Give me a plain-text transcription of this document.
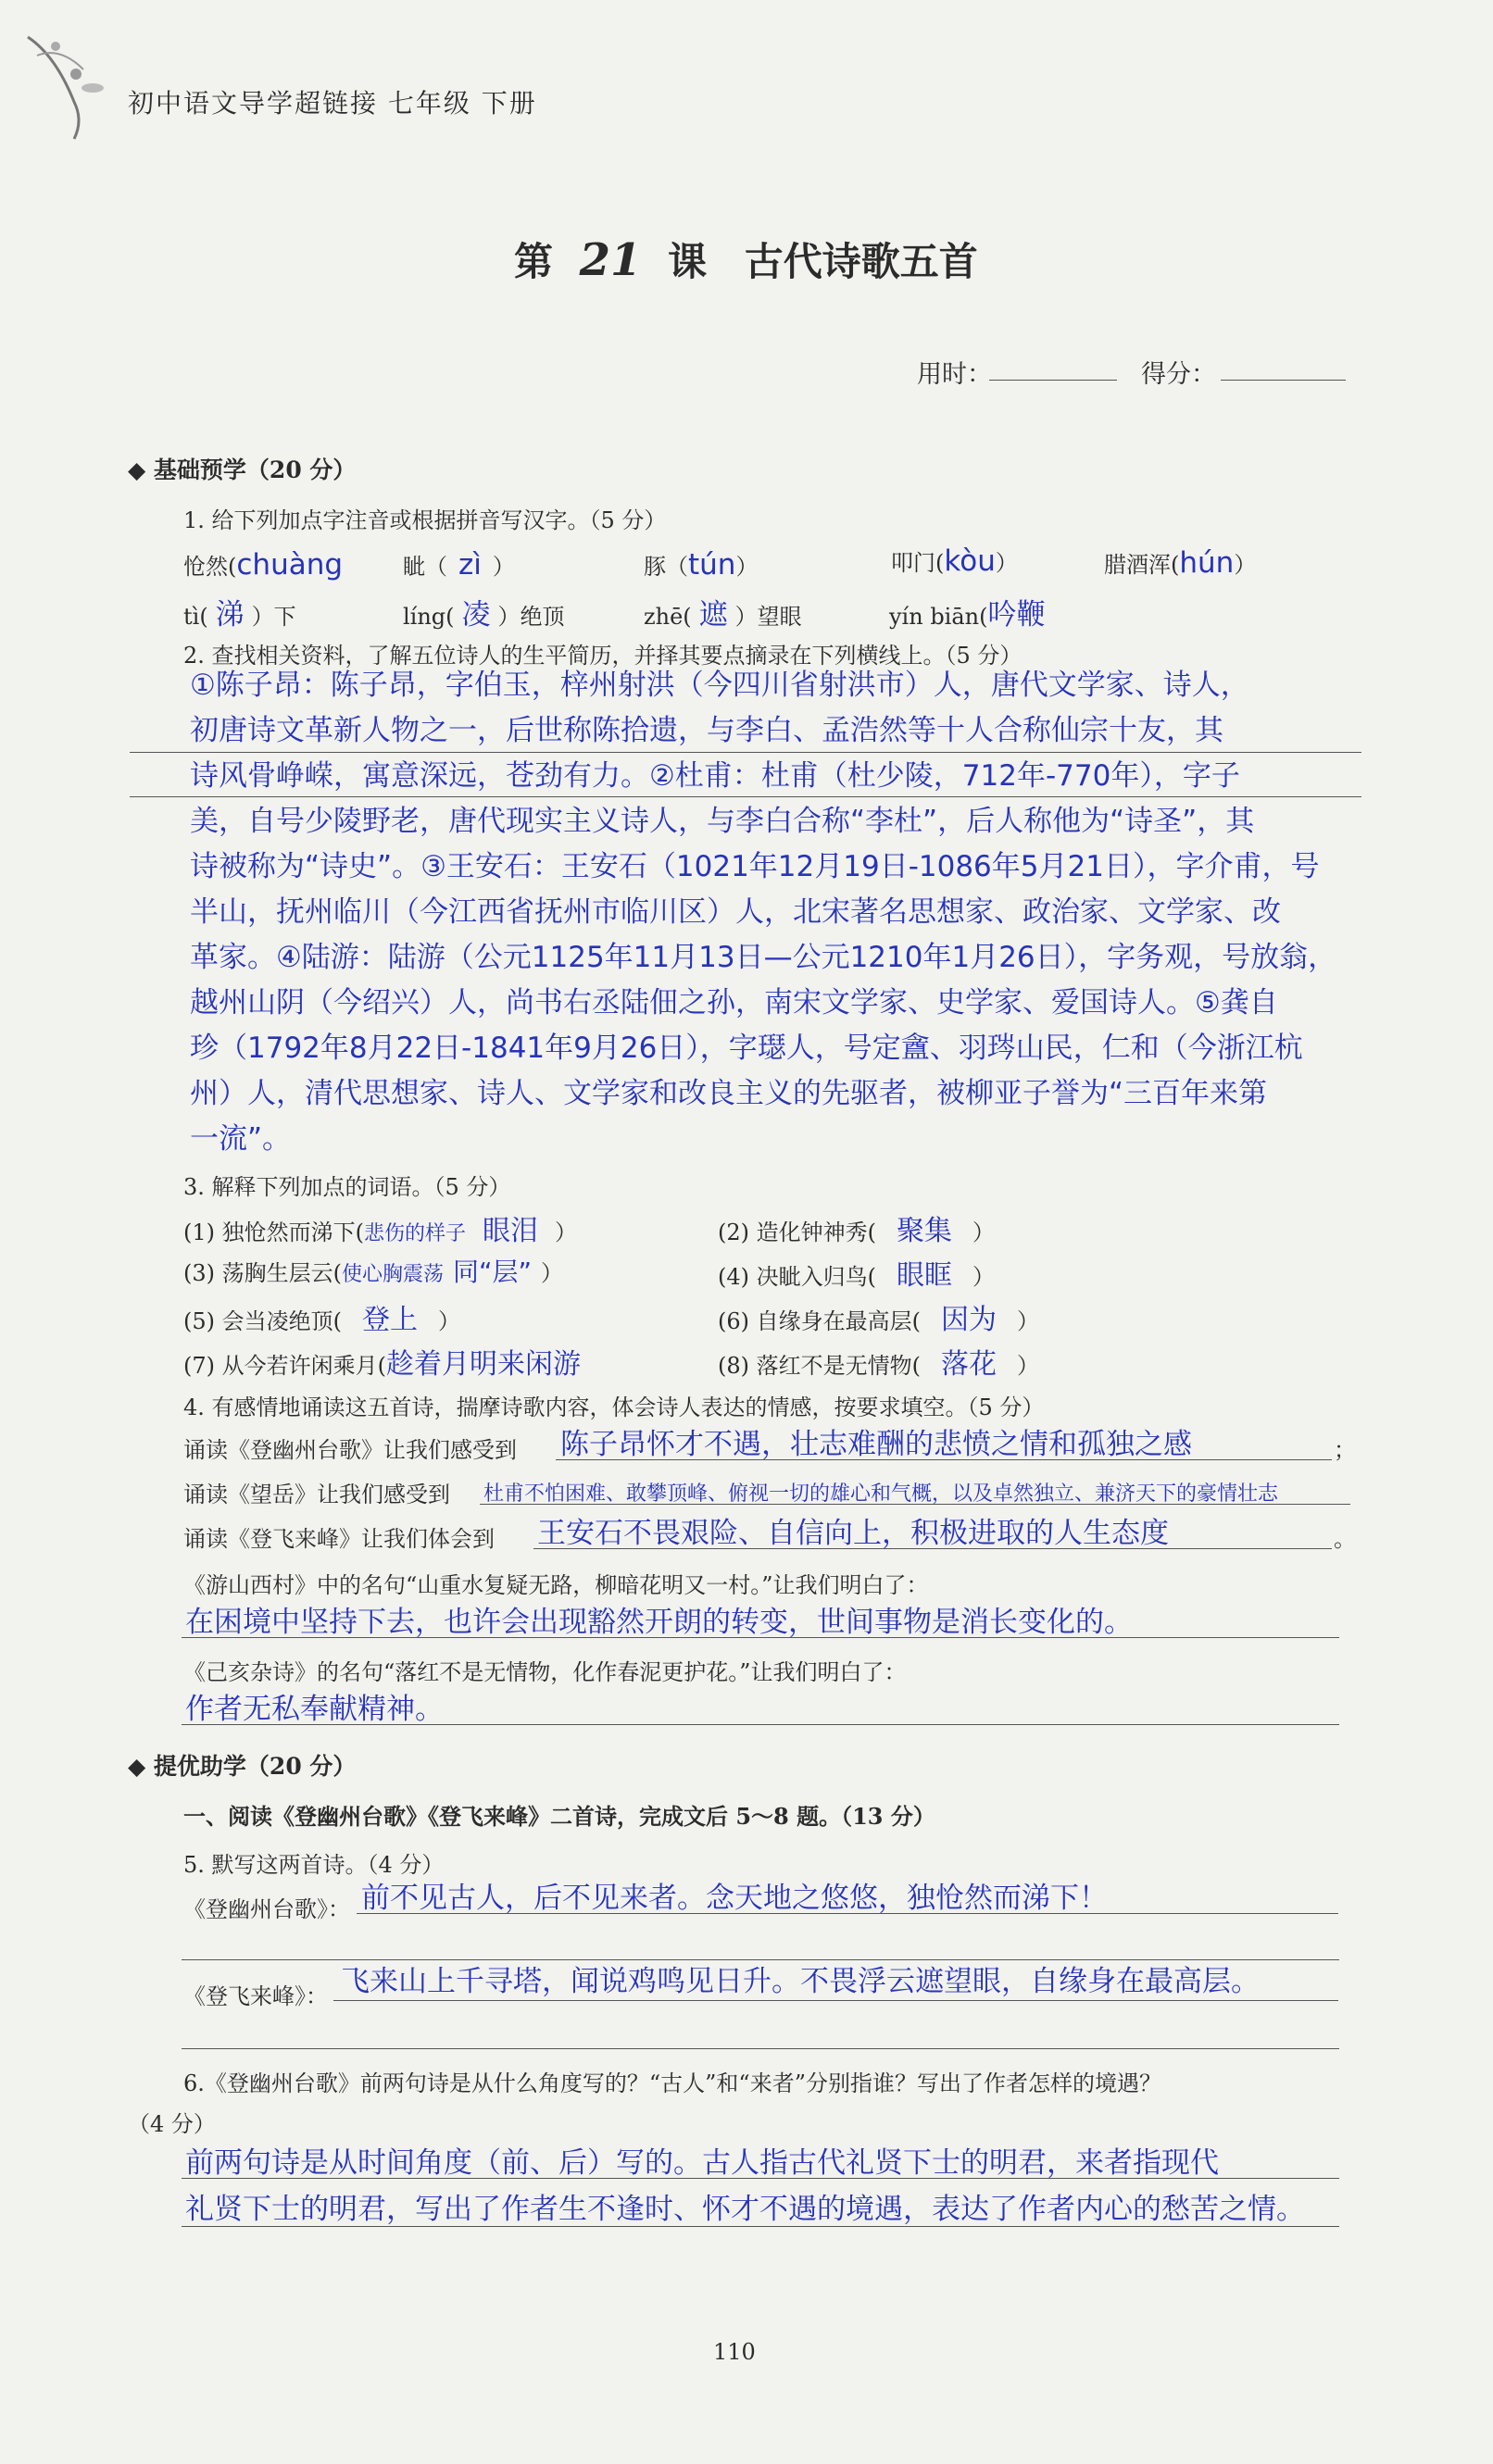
初中语文导学超链接 七年级 下册
第 21 课 古代诗歌五首
用时：	得分：
◆ 基础预学（20 分）
1. 给下列加点字注音或根据拼音写汉字。（5 分）
怆然(chuàng	眦（ zì ）	豚（tún）	叩门(kòu）	腊酒浑(hún）
tì( 涕 ）下	líng( 凌 ）绝顶	zhē( 遮 ）望眼	yín biān(吟鞭
2. 查找相关资料，了解五位诗人的生平简历，并择其要点摘录在下列横线上。（5 分）

①陈子昂：陈子昂，字伯玉，梓州射洪（今四川省射洪市）人，唐代文学家、诗人，

初唐诗文革新人物之一，后世称陈拾遗，与李白、孟浩然等十人合称仙宗十友，其

诗风骨峥嵘，寓意深远，苍劲有力。②杜甫：杜甫（杜少陵，712年-770年），字子

美，自号少陵野老，唐代现实主义诗人，与李白合称“李杜”，后人称他为“诗圣”，其

诗被称为“诗史”。③王安石：王安石（1021年12月19日-1086年5月21日），字介甫，号

半山，抚州临川（今江西省抚州市临川区）人，北宋著名思想家、政治家、文学家、改

革家。④陆游：陆游（公元1125年11月13日—公元1210年1月26日），字务观，号放翁，

越州山阴（今绍兴）人，尚书右丞陆佃之孙，南宋文学家、史学家、爱国诗人。⑤龚自

珍（1792年8月22日-1841年9月26日），字璱人，号定盦、羽琌山民，仁和（今浙江杭

州）人，清代思想家、诗人、文学家和改良主义的先驱者，被柳亚子誉为“三百年来第

一流”。

3. 解释下列加点的词语。（5 分）
(1) 独怆然而涕下(悲伤的样子 眼泪 ）	(2) 造化钟神秀( 聚集 ）
(3) 荡胸生层云(使心胸震荡 同“层” ）	(4) 决眦入归鸟( 眼眶 ）
(5) 会当凌绝顶( 登上 ）	(6) 自缘身在最高层( 因为 ）
(7) 从今若许闲乘月(趁着月明来闲游	(8) 落红不是无情物( 落花 ）
4. 有感情地诵读这五首诗，揣摩诗歌内容，体会诗人表达的情感，按要求填空。（5 分）
诵读《登幽州台歌》让我们感受到 陈子昂怀才不遇，壮志难酬的悲愤之情和孤独之感	；
诵读《望岳》让我们感受到 杜甫不怕困难、敢攀顶峰、俯视一切的雄心和气概，以及卓然独立、兼济天下的豪情壮志
诵读《登飞来峰》让我们体会到 王安石不畏艰险、自信向上，积极进取的人生态度	。
《游山西村》中的名句“山重水复疑无路，柳暗花明又一村。”让我们明白了：
在困境中坚持下去，也许会出现豁然开朗的转变，世间事物是消长变化的。
《己亥杂诗》的名句“落红不是无情物，化作春泥更护花。”让我们明白了：
作者无私奉献精神。
◆ 提优助学（20 分）
一、阅读《登幽州台歌》《登飞来峰》二首诗，完成文后 5～8 题。（13 分）
5. 默写这两首诗。（4 分）
《登幽州台歌》： 前不见古人，后不见来者。念天地之悠悠，独怆然而涕下！
《登飞来峰》： 飞来山上千寻塔，闻说鸡鸣见日升。不畏浮云遮望眼，自缘身在最高层。
6.《登幽州台歌》前两句诗是从什么角度写的？“古人”和“来者”分别指谁？写出了作者怎样的境遇？
（4 分）
前两句诗是从时间角度（前、后）写的。古人指古代礼贤下士的明君，来者指现代
礼贤下士的明君，写出了作者生不逢时、怀才不遇的境遇，表达了作者内心的愁苦之情。
110
